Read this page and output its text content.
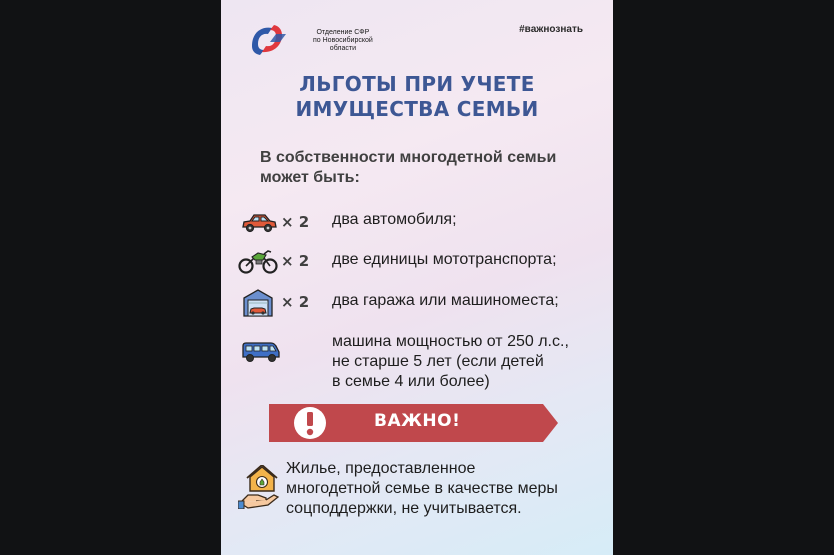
Отделение СФР
по Новосибирской
области
#важнознать
ЛЬГОТЫ ПРИ УЧЕТЕ
ИМУЩЕСТВА СЕМЬИ
В собственности многодетной семьи может быть:
× 2 два автомобиля;
× 2 две единицы мототранспорта;
× 2 два гаража или машиноместа;
машина мощностью от 250 л.с.,
не старше 5 лет (если детей
в семье 4 или более)
ВАЖНО!
Жилье, предоставленное
многодетной семье в качестве меры
соцподдержки, не учитывается.
